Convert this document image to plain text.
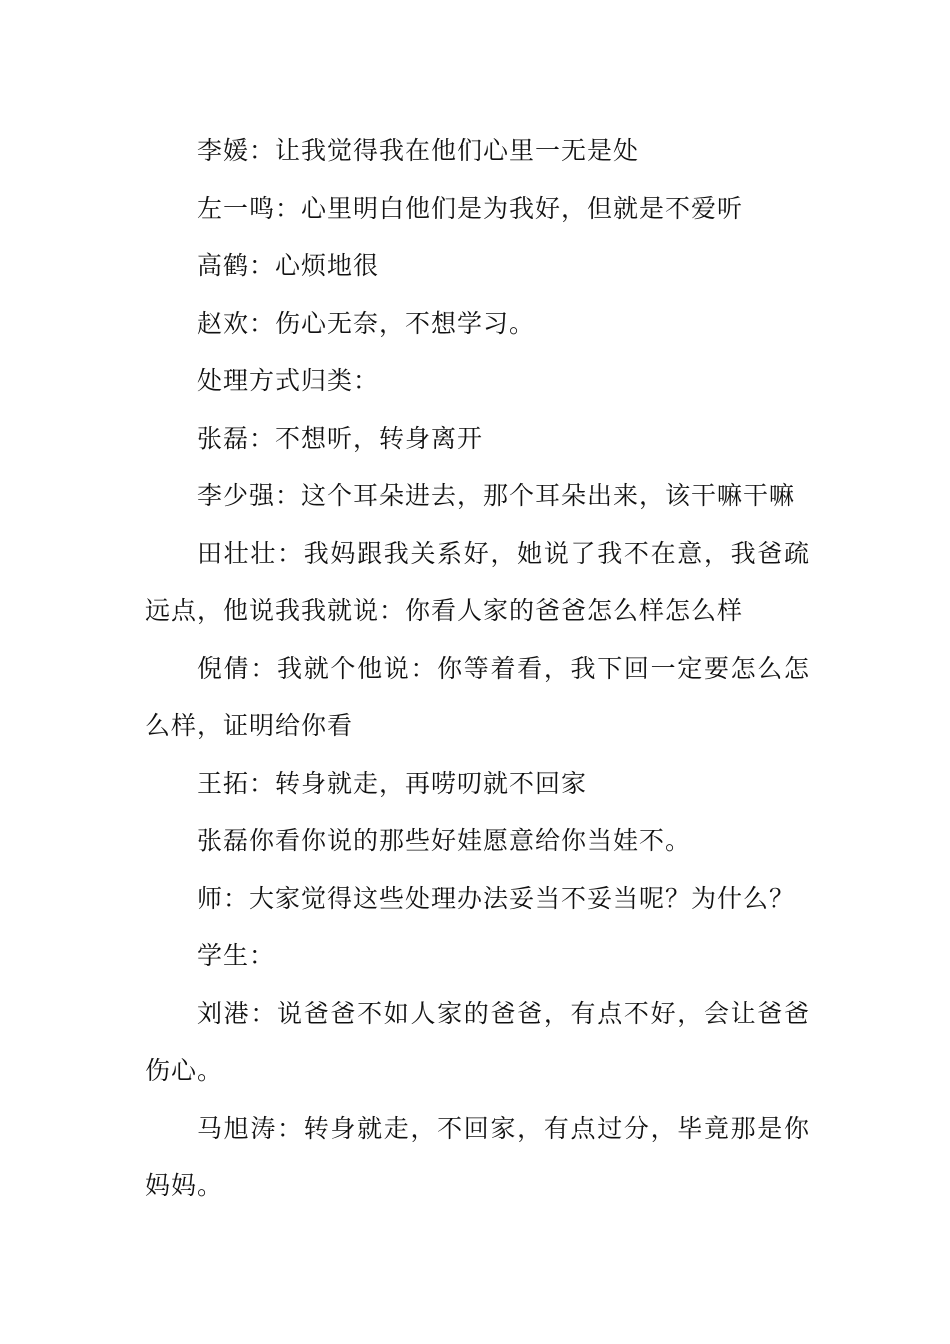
李媛：让我觉得我在他们心里一无是处

左一鸣：心里明白他们是为我好，但就是不爱听

高鹤：心烦地很

赵欢：伤心无奈，不想学习。

处理方式归类：

张磊：不想听，转身离开

李少强：这个耳朵进去，那个耳朵出来，该干嘛干嘛

田壮壮：我妈跟我关系好，她说了我不在意，我爸疏远点，他说我我就说：你看人家的爸爸怎么样怎么样

倪倩：我就个他说：你等着看，我下回一定要怎么怎么样，证明给你看

王拓：转身就走，再唠叨就不回家

张磊你看你说的那些好娃愿意给你当娃不。

师：大家觉得这些处理办法妥当不妥当呢？为什么？

学生：

刘港：说爸爸不如人家的爸爸，有点不好，会让爸爸伤心。

马旭涛：转身就走，不回家，有点过分，毕竟那是你妈妈。
